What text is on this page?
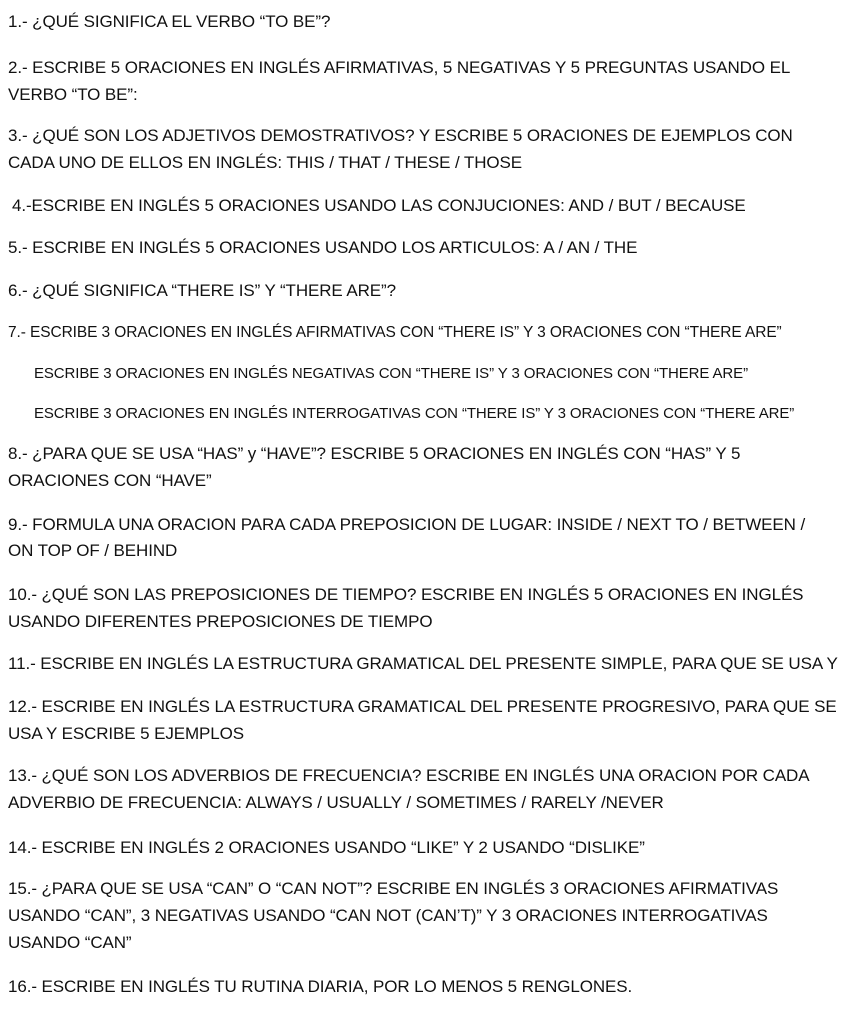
1.- ¿QUÉ SIGNIFICA EL VERBO “TO BE”?
2.- ESCRIBE 5 ORACIONES EN INGLÉS AFIRMATIVAS, 5 NEGATIVAS Y 5 PREGUNTAS USANDO EL
VERBO “TO BE”:
3.- ¿QUÉ SON LOS ADJETIVOS DEMOSTRATIVOS? Y ESCRIBE 5 ORACIONES DE EJEMPLOS CON
CADA UNO DE ELLOS EN INGLÉS: THIS / THAT / THESE / THOSE
4.-ESCRIBE EN INGLÉS 5 ORACIONES USANDO LAS CONJUCIONES: AND / BUT / BECAUSE
5.- ESCRIBE EN INGLÉS 5 ORACIONES USANDO LOS ARTICULOS: A / AN / THE
6.- ¿QUÉ SIGNIFICA “THERE IS” Y “THERE ARE”?
7.- ESCRIBE 3 ORACIONES EN INGLÉS AFIRMATIVAS CON “THERE IS” Y 3 ORACIONES CON “THERE ARE”
ESCRIBE 3 ORACIONES EN INGLÉS NEGATIVAS CON “THERE IS” Y 3 ORACIONES CON “THERE ARE”
ESCRIBE 3 ORACIONES EN INGLÉS INTERROGATIVAS CON “THERE IS” Y 3 ORACIONES CON “THERE ARE”
8.- ¿PARA QUE SE USA “HAS” y “HAVE”? ESCRIBE 5 ORACIONES EN INGLÉS CON “HAS” Y 5
ORACIONES CON “HAVE”
9.- FORMULA UNA ORACION PARA CADA PREPOSICION DE LUGAR: INSIDE / NEXT TO / BETWEEN /
ON TOP OF / BEHIND
10.- ¿QUÉ SON LAS PREPOSICIONES DE TIEMPO? ESCRIBE EN INGLÉS 5 ORACIONES EN INGLÉS
USANDO DIFERENTES PREPOSICIONES DE TIEMPO
11.- ESCRIBE EN INGLÉS LA ESTRUCTURA GRAMATICAL DEL PRESENTE SIMPLE, PARA QUE SE USA Y
12.- ESCRIBE EN INGLÉS LA ESTRUCTURA GRAMATICAL DEL PRESENTE PROGRESIVO, PARA QUE SE
USA Y ESCRIBE 5 EJEMPLOS
13.- ¿QUÉ SON LOS ADVERBIOS DE FRECUENCIA? ESCRIBE EN INGLÉS UNA ORACION POR CADA
ADVERBIO DE FRECUENCIA: ALWAYS / USUALLY / SOMETIMES / RARELY /NEVER
14.- ESCRIBE EN INGLÉS 2 ORACIONES USANDO “LIKE” Y 2 USANDO “DISLIKE”
15.- ¿PARA QUE SE USA “CAN” O “CAN NOT”? ESCRIBE EN INGLÉS 3 ORACIONES AFIRMATIVAS
USANDO “CAN”, 3 NEGATIVAS USANDO “CAN NOT (CAN’T)” Y 3 ORACIONES INTERROGATIVAS
USANDO “CAN”
16.- ESCRIBE EN INGLÉS TU RUTINA DIARIA, POR LO MENOS 5 RENGLONES.
